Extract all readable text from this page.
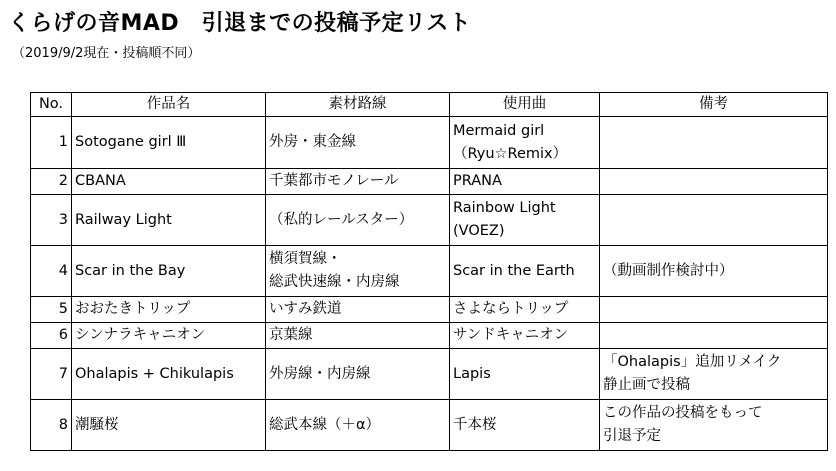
くらげの音MAD　引退までの投稿予定リスト
（2019/9/2現在・投稿順不同）
No.	作品名	素材路線	使用曲	備考
1	Sotogane girl Ⅲ	外房・東金線	Mermaid girl
（Ryu☆Remix）	

2	CBANA	千葉都市モノレール	PRANA	

3	Railway Light	（私的レールスター）	Rainbow Light
(VOEZ)	

4	Scar in the Bay	横須賀線・
総武快速線・内房線	Scar in the Earth	（動画制作検討中）

5	おおたきトリップ	いすみ鉄道	さよならトリップ	

6	シンナラキャニオン	京葉線	サンドキャニオン	

7	Ohalapis + Chikulapis	外房線・内房線	Lapis	「Ohalapis」追加リメイク
静止画で投稿

8	潮騒桜	総武本線（＋α）	千本桜	この作品の投稿をもって
引退予定
